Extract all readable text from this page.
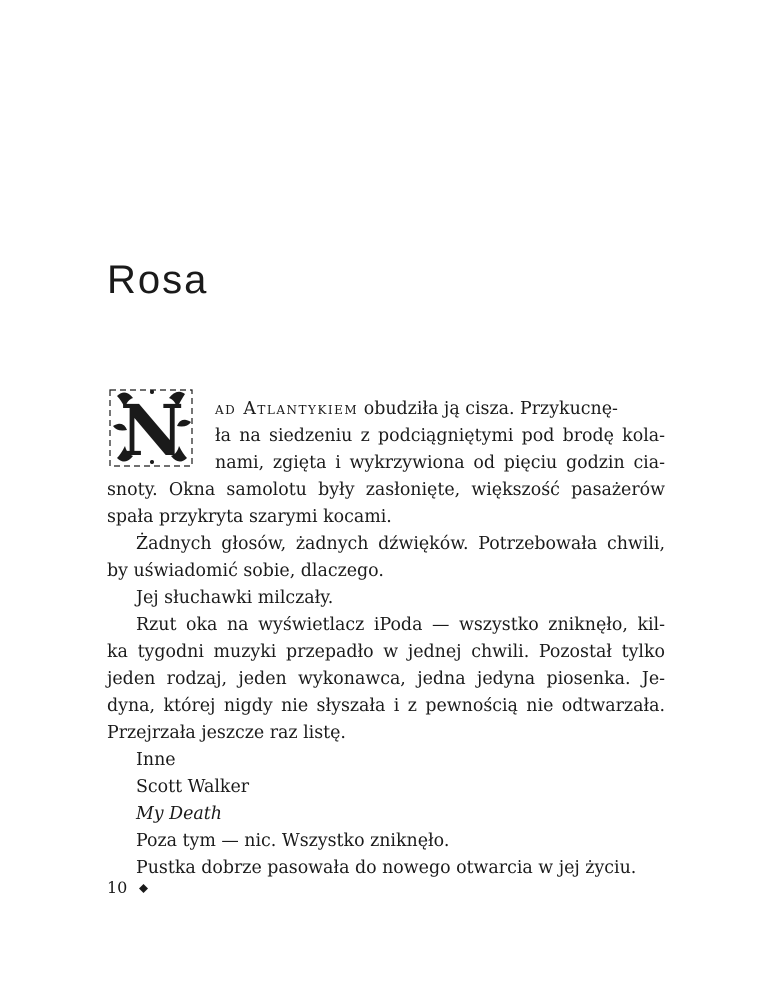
Rosa
N ad Atlantykiem obudziła ją cisza. Przykucnę-
ła na siedzeniu z podciągniętymi pod brodę kola-
nami, zgięta i wykrzywiona od pięciu godzin cia-
snoty. Okna samolotu były zasłonięte, większość pasażerów
spała przykryta szarymi kocami.
Żadnych głosów, żadnych dźwięków. Potrzebowała chwili,
by uświadomić sobie, dlaczego.
Jej słuchawki milczały.
Rzut oka na wyświetlacz iPoda — wszystko zniknęło, kil-
ka tygodni muzyki przepadło w jednej chwili. Pozostał tylko
jeden rodzaj, jeden wykonawca, jedna jedyna piosenka. Je-
dyna, której nigdy nie słyszała i z pewnością nie odtwarzała.
Przejrzała jeszcze raz listę.
Inne
Scott Walker
My Death
Poza tym — nic. Wszystko zniknęło.
Pustka dobrze pasowała do nowego otwarcia w jej życiu.
10
